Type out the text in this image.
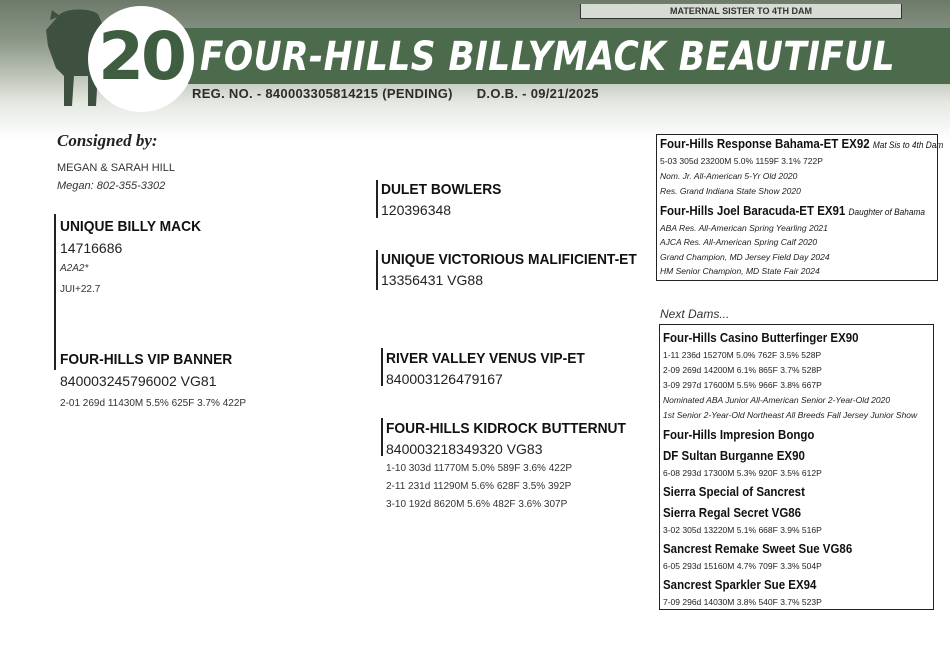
MATERNAL SISTER TO 4TH DAM
20 FOUR-HILLS BILLYMACK BEAUTIFUL
REG. NO. - 840003305814215 (PENDING) D.O.B. - 09/21/2025
Consigned by:
MEGAN & SARAH HILL
Megan: 802-355-3302
UNIQUE BILLY MACK
14716686
A2A2*
JUI+22.7
DULET BOWLERS
120396348
UNIQUE VICTORIOUS MALIFICIENT-ET
13356431 VG88
FOUR-HILLS VIP BANNER
840003245796002 VG81
2-01 269d 11430M 5.5% 625F 3.7% 422P
RIVER VALLEY VENUS VIP-ET
840003126479167
FOUR-HILLS KIDROCK BUTTERNUT
840003218349320 VG83
1-10 303d 11770M 5.0% 589F 3.6% 422P
2-11 231d 11290M 5.6% 628F 3.5% 392P
3-10 192d 8620M 5.6% 482F 3.6% 307P
Four-Hills Response Bahama-ET EX92 Mat Sis to 4th Dam
5-03 305d 23200M 5.0% 1159F 3.1% 722P
Nom. Jr. All-American 5-Yr Old 2020
Res. Grand Indiana State Show 2020
Four-Hills Joel Baracuda-ET EX91 Daughter of Bahama
ABA Res. All-American Spring Yearling 2021
AJCA Res. All-American Spring Calf 2020
Grand Champion, MD Jersey Field Day 2024
HM Senior Champion, MD State Fair 2024
Next Dams...
Four-Hills Casino Butterfinger EX90
1-11 236d 15270M 5.0% 762F 3.5% 528P
2-09 269d 14200M 6.1% 865F 3.7% 528P
3-09 297d 17600M 5.5% 966F 3.8% 667P
Nominated ABA Junior All-American Senior 2-Year-Old 2020
1st Senior 2-Year-Old Northeast All Breeds Fall Jersey Junior Show
Four-Hills Impresion Bongo
DF Sultan Burganne EX90
6-08 293d 17300M 5.3% 920F 3.5% 612P
Sierra Special of Sancrest
Sierra Regal Secret VG86
3-02 305d 13220M 5.1% 668F 3.9% 516P
Sancrest Remake Sweet Sue VG86
6-05 293d 15160M 4.7% 709F 3.3% 504P
Sancrest Sparkler Sue EX94
7-09 296d 14030M 3.8% 540F 3.7% 523P
